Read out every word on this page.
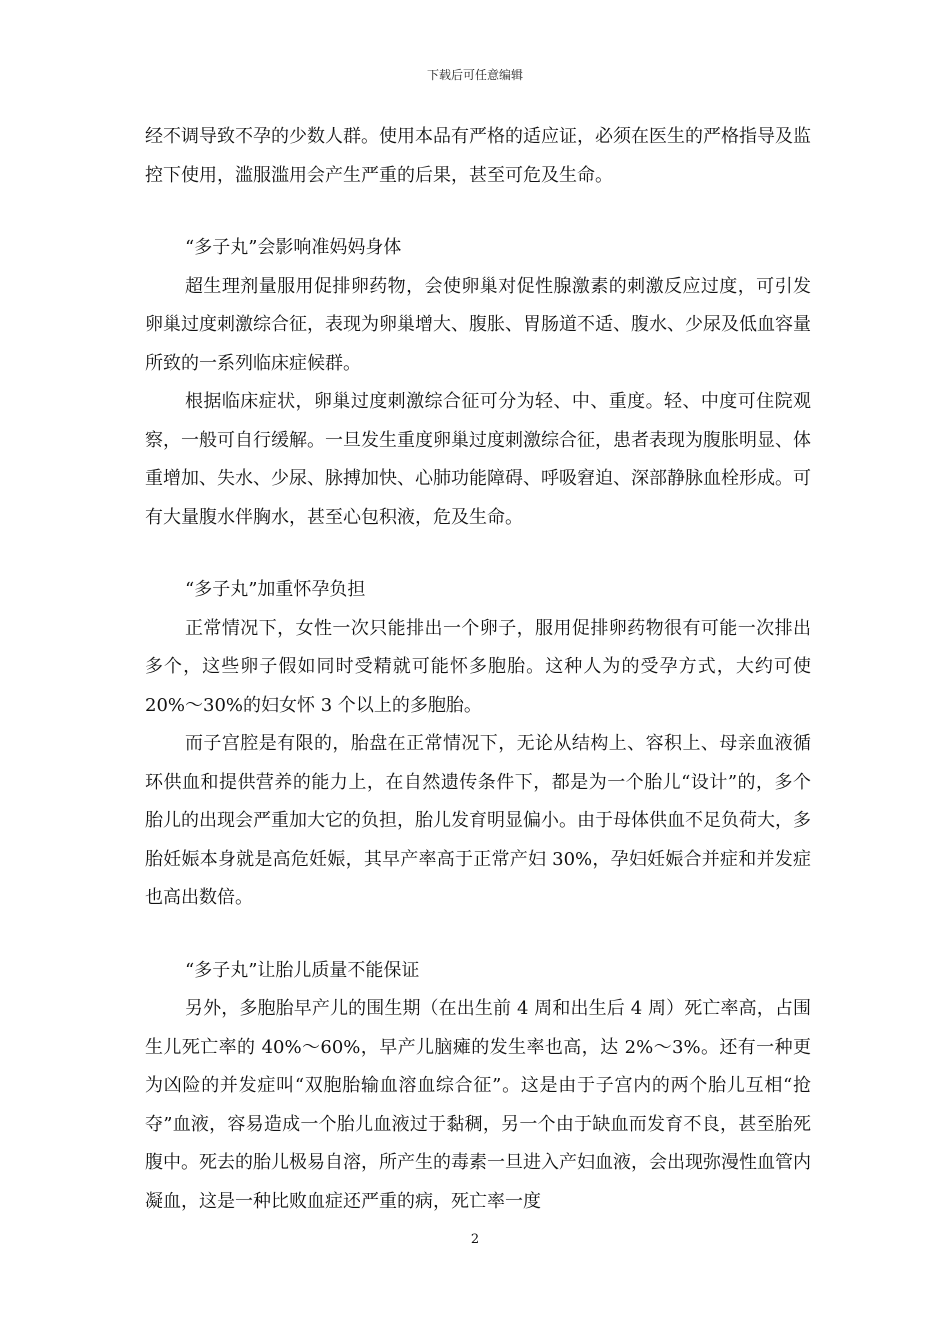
下载后可任意编辑

经不调导致不孕的少数人群。使用本品有严格的适应证，必须在医生的严格指导及监控下使用，滥服滥用会产生严重的后果，甚至可危及生命。

“多子丸”会影响准妈妈身体

超生理剂量服用促排卵药物，会使卵巢对促性腺激素的刺激反应过度，可引发卵巢过度刺激综合征，表现为卵巢增大、腹胀、胃肠道不适、腹水、少尿及低血容量所致的一系列临床症候群。

根据临床症状，卵巢过度刺激综合征可分为轻、中、重度。轻、中度可住院观察，一般可自行缓解。一旦发生重度卵巢过度刺激综合征，患者表现为腹胀明显、体重增加、失水、少尿、脉搏加快、心肺功能障碍、呼吸窘迫、深部静脉血栓形成。可有大量腹水伴胸水，甚至心包积液，危及生命。

“多子丸”加重怀孕负担

正常情况下，女性一次只能排出一个卵子，服用促排卵药物很有可能一次排出多个，这些卵子假如同时受精就可能怀多胞胎。这种人为的受孕方式，大约可使 20%～30%的妇女怀 3 个以上的多胞胎。

而子宫腔是有限的，胎盘在正常情况下，无论从结构上、容积上、母亲血液循环供血和提供营养的能力上，在自然遗传条件下，都是为一个胎儿“设计”的，多个胎儿的出现会严重加大它的负担，胎儿发育明显偏小。由于母体供血不足负荷大，多胎妊娠本身就是高危妊娠，其早产率高于正常产妇 30%，孕妇妊娠合并症和并发症也高出数倍。

“多子丸”让胎儿质量不能保证

另外，多胞胎早产儿的围生期（在出生前 4 周和出生后 4 周）死亡率高，占围生儿死亡率的 40%～60%，早产儿脑瘫的发生率也高，达 2%～3%。还有一种更为凶险的并发症叫“双胞胎输血溶血综合征”。这是由于子宫内的两个胎儿互相“抢夺”血液，容易造成一个胎儿血液过于黏稠，另一个由于缺血而发育不良，甚至胎死腹中。死去的胎儿极易自溶，所产生的毒素一旦进入产妇血液，会出现弥漫性血管内凝血，这是一种比败血症还严重的病，死亡率一度

2
